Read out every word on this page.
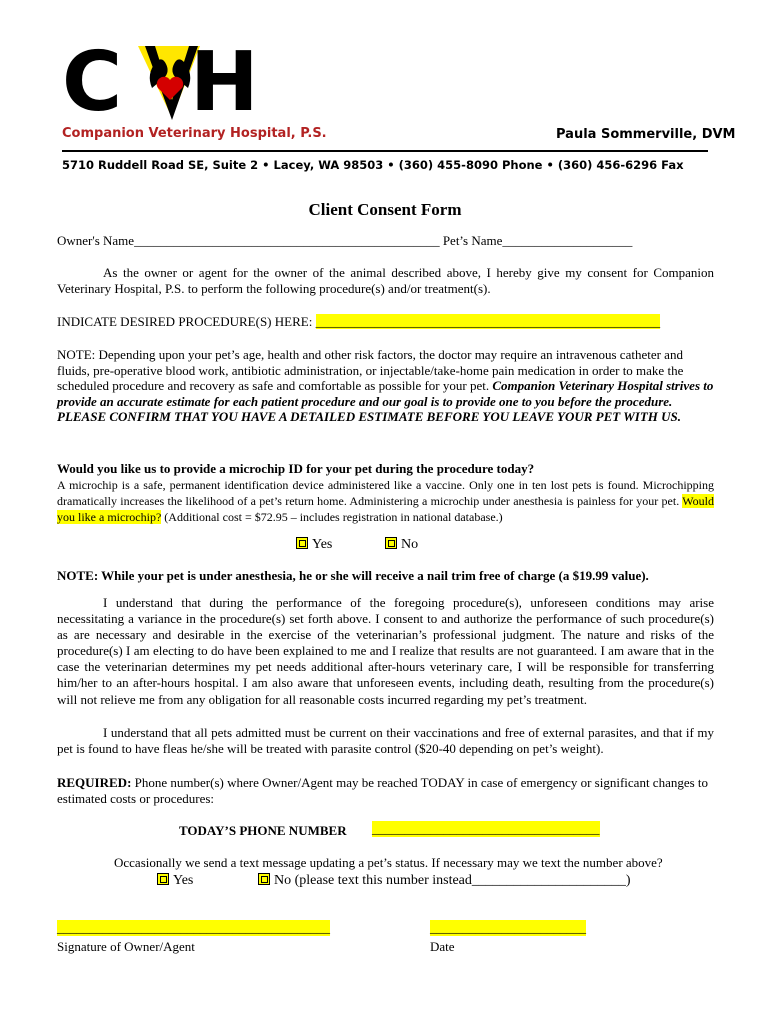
C H
Companion Veterinary Hospital, P.S.	Paula Sommerville, DVM
5710 Ruddell Road SE, Suite 2 • Lacey, WA 98503 • (360) 455-8090 Phone • (360) 456-6296 Fax
Client Consent Form
Owner's Name_______________________________________________ Pet’s Name____________________
As the owner or agent for the owner of the animal described above, I hereby give my consent for Companion Veterinary Hospital, P.S. to perform the following procedure(s) and/or treatment(s).
INDICATE DESIRED PROCEDURE(S) HERE: _____________________________________________________
NOTE: Depending upon your pet’s age, health and other risk factors, the doctor may require an intravenous catheter and fluids, pre-operative blood work, antibiotic administration, or injectable/take-home pain medication in order to make the scheduled procedure and recovery as safe and comfortable as possible for your pet. Companion Veterinary Hospital strives to provide an accurate estimate for each patient procedure and our goal is to provide one to you before the procedure. PLEASE CONFIRM THAT YOU HAVE A DETAILED ESTIMATE BEFORE YOU LEAVE YOUR PET WITH US.
Would you like us to provide a microchip ID for your pet during the procedure today?
A microchip is a safe, permanent identification device administered like a vaccine. Only one in ten lost pets is found. Microchipping dramatically increases the likelihood of a pet’s return home. Administering a microchip under anesthesia is painless for your pet. Would you like a microchip? (Additional cost = $72.95 – includes registration in national database.)
Yes	No
NOTE: While your pet is under anesthesia, he or she will receive a nail trim free of charge (a $19.99 value).
I understand that during the performance of the foregoing procedure(s), unforeseen conditions may arise necessitating a variance in the procedure(s) set forth above. I consent to and authorize the performance of such procedure(s) as are necessary and desirable in the exercise of the veterinarian’s professional judgment. The nature and risks of the procedure(s) I am electing to do have been explained to me and I realize that results are not guaranteed. I am aware that in the case the veterinarian determines my pet needs additional after-hours veterinary care, I will be responsible for transferring him/her to an after-hours hospital. I am also aware that unforeseen events, including death, resulting from the procedure(s) will not relieve me from any obligation for all reasonable costs incurred regarding my pet’s treatment.
I understand that all pets admitted must be current on their vaccinations and free of external parasites, and that if my pet is found to have fleas he/she will be treated with parasite control ($20-40 depending on pet’s weight).
REQUIRED: Phone number(s) where Owner/Agent may be reached TODAY in case of emergency or significant changes to estimated costs or procedures:
TODAY’S PHONE NUMBER ___________________________________
Occasionally we send a text message updating a pet’s status. If necessary may we text the number above?
Yes	No (please text this number instead______________________)
__________________________________________
Signature of Owner/Agent
________________________
Date
